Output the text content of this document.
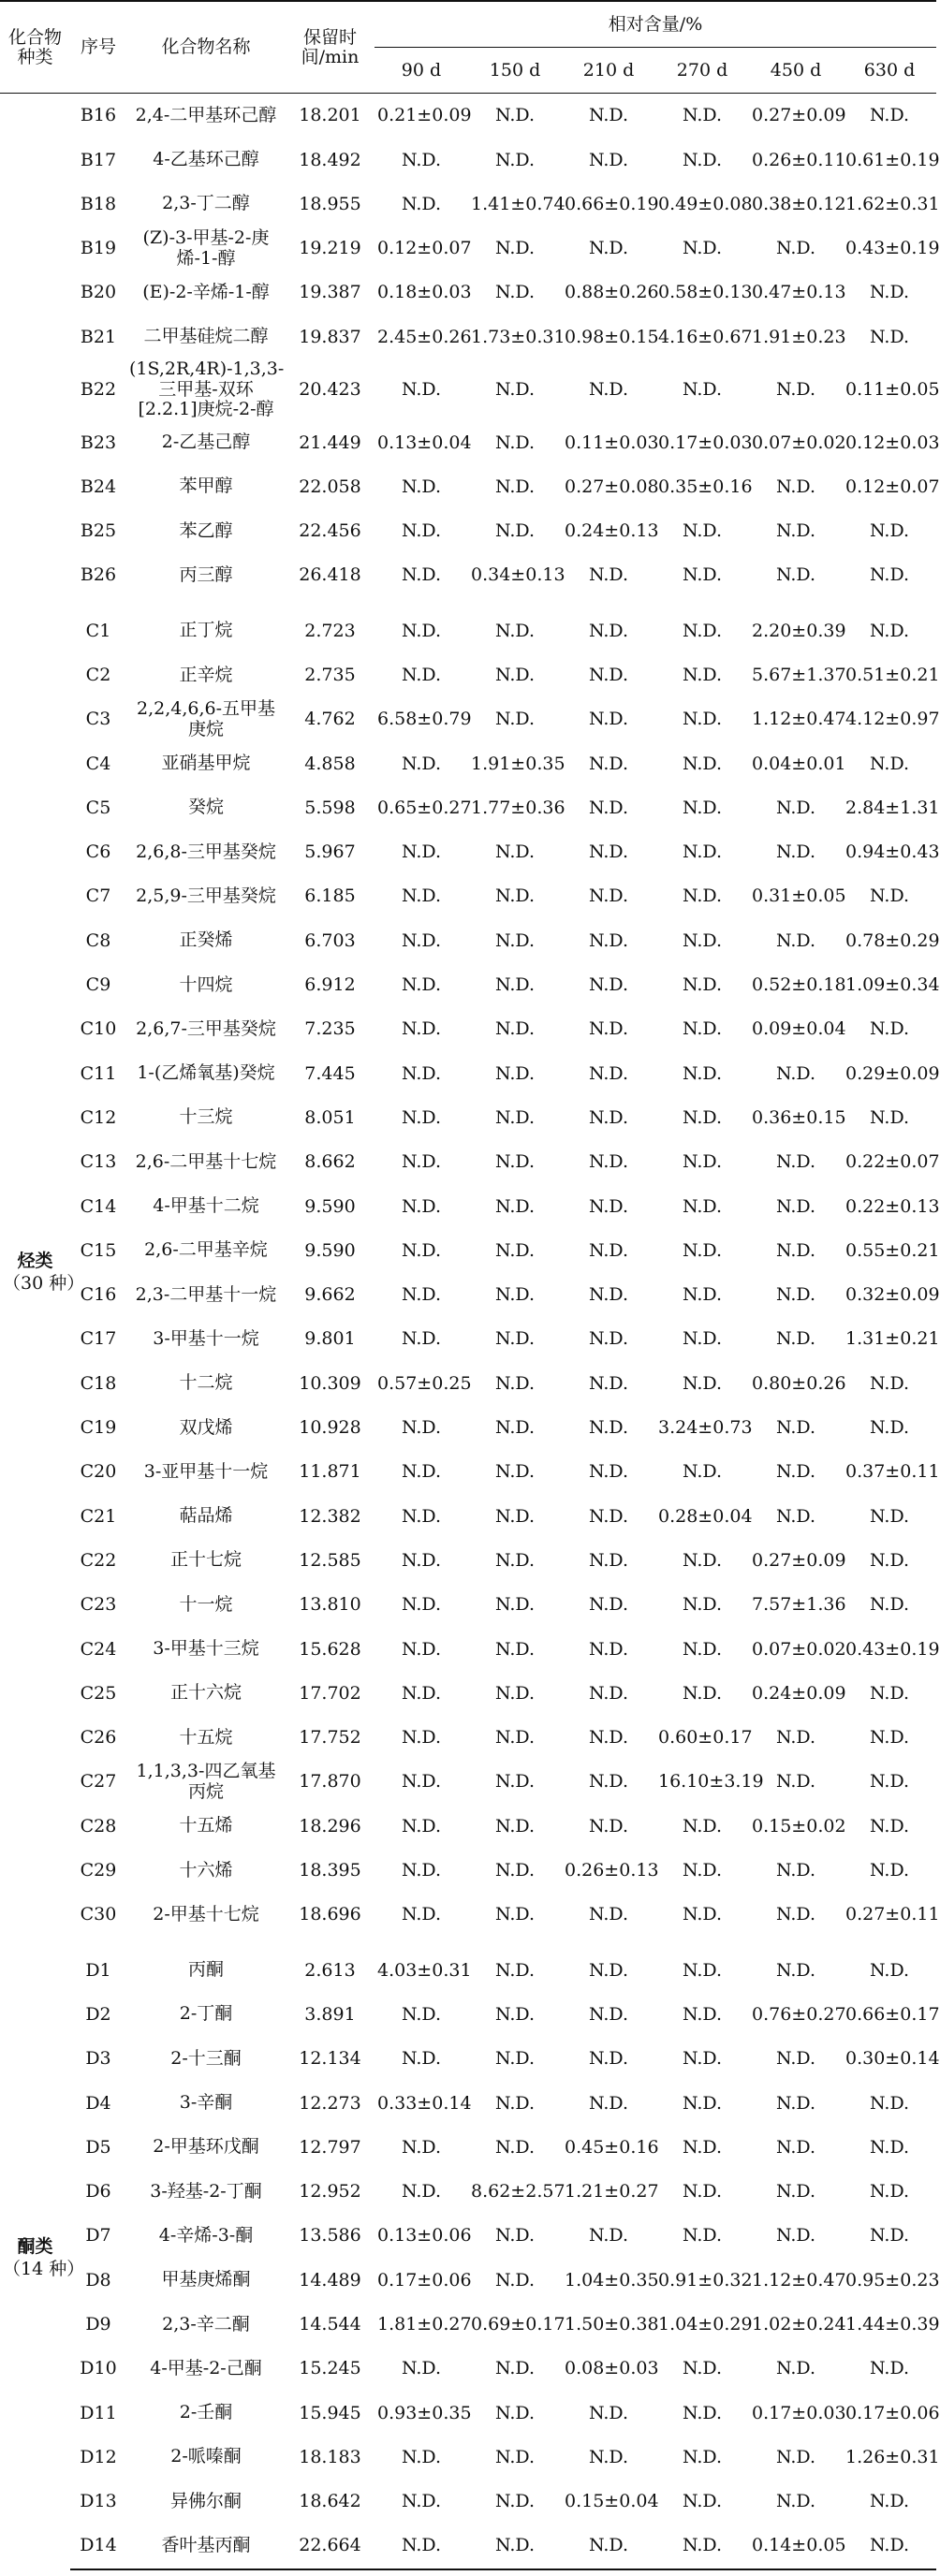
化合物种类	序号	化合物名称	保留时间/min	相对含量/%					
				90 d	150 d	210 d	270 d	450 d	630 d
	B16	2,4-二甲基环己醇	18.201	0.21±0.09	N.D.	N.D.	N.D.	0.27±0.09	N.D.
	B17	4-乙基环己醇	18.492	N.D.	N.D.	N.D.	N.D.	0.26±0.11	0.61±0.19
	B18	2,3-丁二醇	18.955	N.D.	1.41±0.74	0.66±0.19	0.49±0.08	0.38±0.12	1.62±0.31
	B19	(Z)-3-甲基-2-庚烯-1-醇	19.219	0.12±0.07	N.D.	N.D.	N.D.	N.D.	0.43±0.19
	B20	(E)-2-辛烯-1-醇	19.387	0.18±0.03	N.D.	0.88±0.26	0.58±0.13	0.47±0.13	N.D.
	B21	二甲基硅烷二醇	19.837	2.45±0.26	1.73±0.31	0.98±0.15	4.16±0.67	1.91±0.23	N.D.
	B22	(1S,2R,4R)-1,3,3-三甲基-双环[2.2.1]庚烷-2-醇	20.423	N.D.	N.D.	N.D.	N.D.	N.D.	0.11±0.05
	B23	2-乙基己醇	21.449	0.13±0.04	N.D.	0.11±0.03	0.17±0.03	0.07±0.02	0.12±0.03
	B24	苯甲醇	22.058	N.D.	N.D.	0.27±0.08	0.35±0.16	N.D.	0.12±0.07
	B25	苯乙醇	22.456	N.D.	N.D.	0.24±0.13	N.D.	N.D.	N.D.
	B26	丙三醇	26.418	N.D.	0.34±0.13	N.D.	N.D.	N.D.	N.D.

烃类
（30 种）	C1	正丁烷	2.723	N.D.	N.D.	N.D.	N.D.	2.20±0.39	N.D.
	C2	正辛烷	2.735	N.D.	N.D.	N.D.	N.D.	5.67±1.37	0.51±0.21
	C3	2,2,4,6,6-五甲基庚烷	4.762	6.58±0.79	N.D.	N.D.	N.D.	1.12±0.47	4.12±0.97
	C4	亚硝基甲烷	4.858	N.D.	1.91±0.35	N.D.	N.D.	0.04±0.01	N.D.
	C5	癸烷	5.598	0.65±0.27	1.77±0.36	N.D.	N.D.	N.D.	2.84±1.31
	C6	2,6,8-三甲基癸烷	5.967	N.D.	N.D.	N.D.	N.D.	N.D.	0.94±0.43
	C7	2,5,9-三甲基癸烷	6.185	N.D.	N.D.	N.D.	N.D.	0.31±0.05	N.D.
	C8	正癸烯	6.703	N.D.	N.D.	N.D.	N.D.	N.D.	0.78±0.29
	C9	十四烷	6.912	N.D.	N.D.	N.D.	N.D.	0.52±0.18	1.09±0.34
	C10	2,6,7-三甲基癸烷	7.235	N.D.	N.D.	N.D.	N.D.	0.09±0.04	N.D.
	C11	1-(乙烯氧基)癸烷	7.445	N.D.	N.D.	N.D.	N.D.	N.D.	0.29±0.09
	C12	十三烷	8.051	N.D.	N.D.	N.D.	N.D.	0.36±0.15	N.D.
	C13	2,6-二甲基十七烷	8.662	N.D.	N.D.	N.D.	N.D.	N.D.	0.22±0.07
	C14	4-甲基十二烷	9.590	N.D.	N.D.	N.D.	N.D.	N.D.	0.22±0.13
	C15	2,6-二甲基辛烷	9.590	N.D.	N.D.	N.D.	N.D.	N.D.	0.55±0.21
	C16	2,3-二甲基十一烷	9.662	N.D.	N.D.	N.D.	N.D.	N.D.	0.32±0.09
	C17	3-甲基十一烷	9.801	N.D.	N.D.	N.D.	N.D.	N.D.	1.31±0.21
	C18	十二烷	10.309	0.57±0.25	N.D.	N.D.	N.D.	0.80±0.26	N.D.
	C19	双戊烯	10.928	N.D.	N.D.	N.D.	3.24±0.73	N.D.	N.D.
	C20	3-亚甲基十一烷	11.871	N.D.	N.D.	N.D.	N.D.	N.D.	0.37±0.11
	C21	萜品烯	12.382	N.D.	N.D.	N.D.	0.28±0.04	N.D.	N.D.
	C22	正十七烷	12.585	N.D.	N.D.	N.D.	N.D.	0.27±0.09	N.D.
	C23	十一烷	13.810	N.D.	N.D.	N.D.	N.D.	7.57±1.36	N.D.
	C24	3-甲基十三烷	15.628	N.D.	N.D.	N.D.	N.D.	0.07±0.02	0.43±0.19
	C25	正十六烷	17.702	N.D.	N.D.	N.D.	N.D.	0.24±0.09	N.D.
	C26	十五烷	17.752	N.D.	N.D.	N.D.	0.60±0.17	N.D.	N.D.
	C27	1,1,3,3-四乙氧基丙烷	17.870	N.D.	N.D.	N.D.	16.10±3.19	N.D.	N.D.
	C28	十五烯	18.296	N.D.	N.D.	N.D.	N.D.	0.15±0.02	N.D.
	C29	十六烯	18.395	N.D.	N.D.	0.26±0.13	N.D.	N.D.	N.D.
	C30	2-甲基十七烷	18.696	N.D.	N.D.	N.D.	N.D.	N.D.	0.27±0.11

酮类
（14 种）	D1	丙酮	2.613	4.03±0.31	N.D.	N.D.	N.D.	N.D.	N.D.
	D2	2-丁酮	3.891	N.D.	N.D.	N.D.	N.D.	0.76±0.27	0.66±0.17
	D3	2-十三酮	12.134	N.D.	N.D.	N.D.	N.D.	N.D.	0.30±0.14
	D4	3-辛酮	12.273	0.33±0.14	N.D.	N.D.	N.D.	N.D.	N.D.
	D5	2-甲基环戊酮	12.797	N.D.	N.D.	0.45±0.16	N.D.	N.D.	N.D.
	D6	3-羟基-2-丁酮	12.952	N.D.	8.62±2.57	1.21±0.27	N.D.	N.D.	N.D.
	D7	4-辛烯-3-酮	13.586	0.13±0.06	N.D.	N.D.	N.D.	N.D.	N.D.
	D8	甲基庚烯酮	14.489	0.17±0.06	N.D.	1.04±0.35	0.91±0.32	1.12±0.47	0.95±0.23
	D9	2,3-辛二酮	14.544	1.81±0.27	0.69±0.17	1.50±0.38	1.04±0.29	1.02±0.24	1.44±0.39
	D10	4-甲基-2-己酮	15.245	N.D.	N.D.	0.08±0.03	N.D.	N.D.	N.D.
	D11	2-壬酮	15.945	0.93±0.35	N.D.	N.D.	N.D.	0.17±0.03	0.17±0.06
	D12	2-哌嗪酮	18.183	N.D.	N.D.	N.D.	N.D.	N.D.	1.26±0.31
	D13	异佛尔酮	18.642	N.D.	N.D.	0.15±0.04	N.D.	N.D.	N.D.
	D14	香叶基丙酮	22.664	N.D.	N.D.	N.D.	N.D.	0.14±0.05	N.D.
